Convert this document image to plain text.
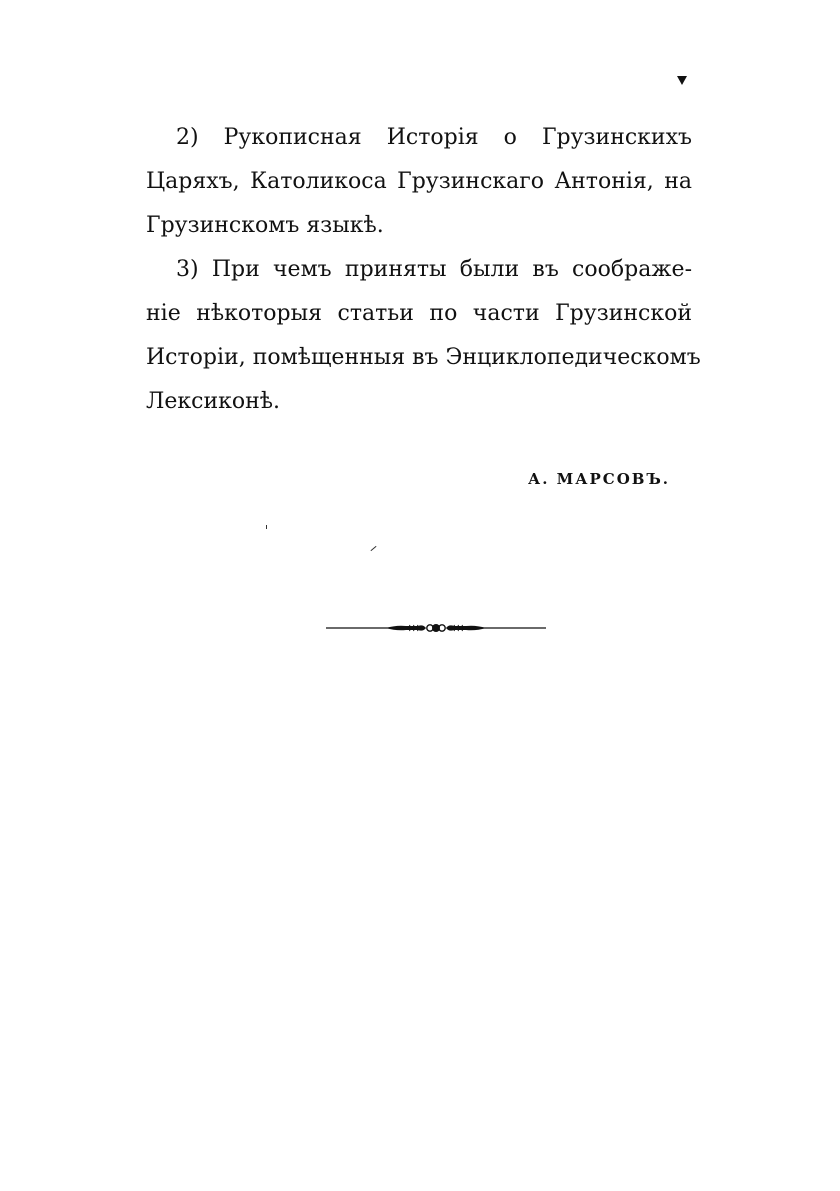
2) Рукописная Исторія о Грузинскихъ
Царяхъ, Католикоса Грузинскаго Антонія, на
Грузинскомъ языкѣ.

3) При чемъ приняты были въ соображе-
ніе нѣкоторыя статьи по части Грузинской
Исторіи, помѣщенныя въ Энциклопедическомъ
Лексиконѣ.

А. МАРСОВЪ.
